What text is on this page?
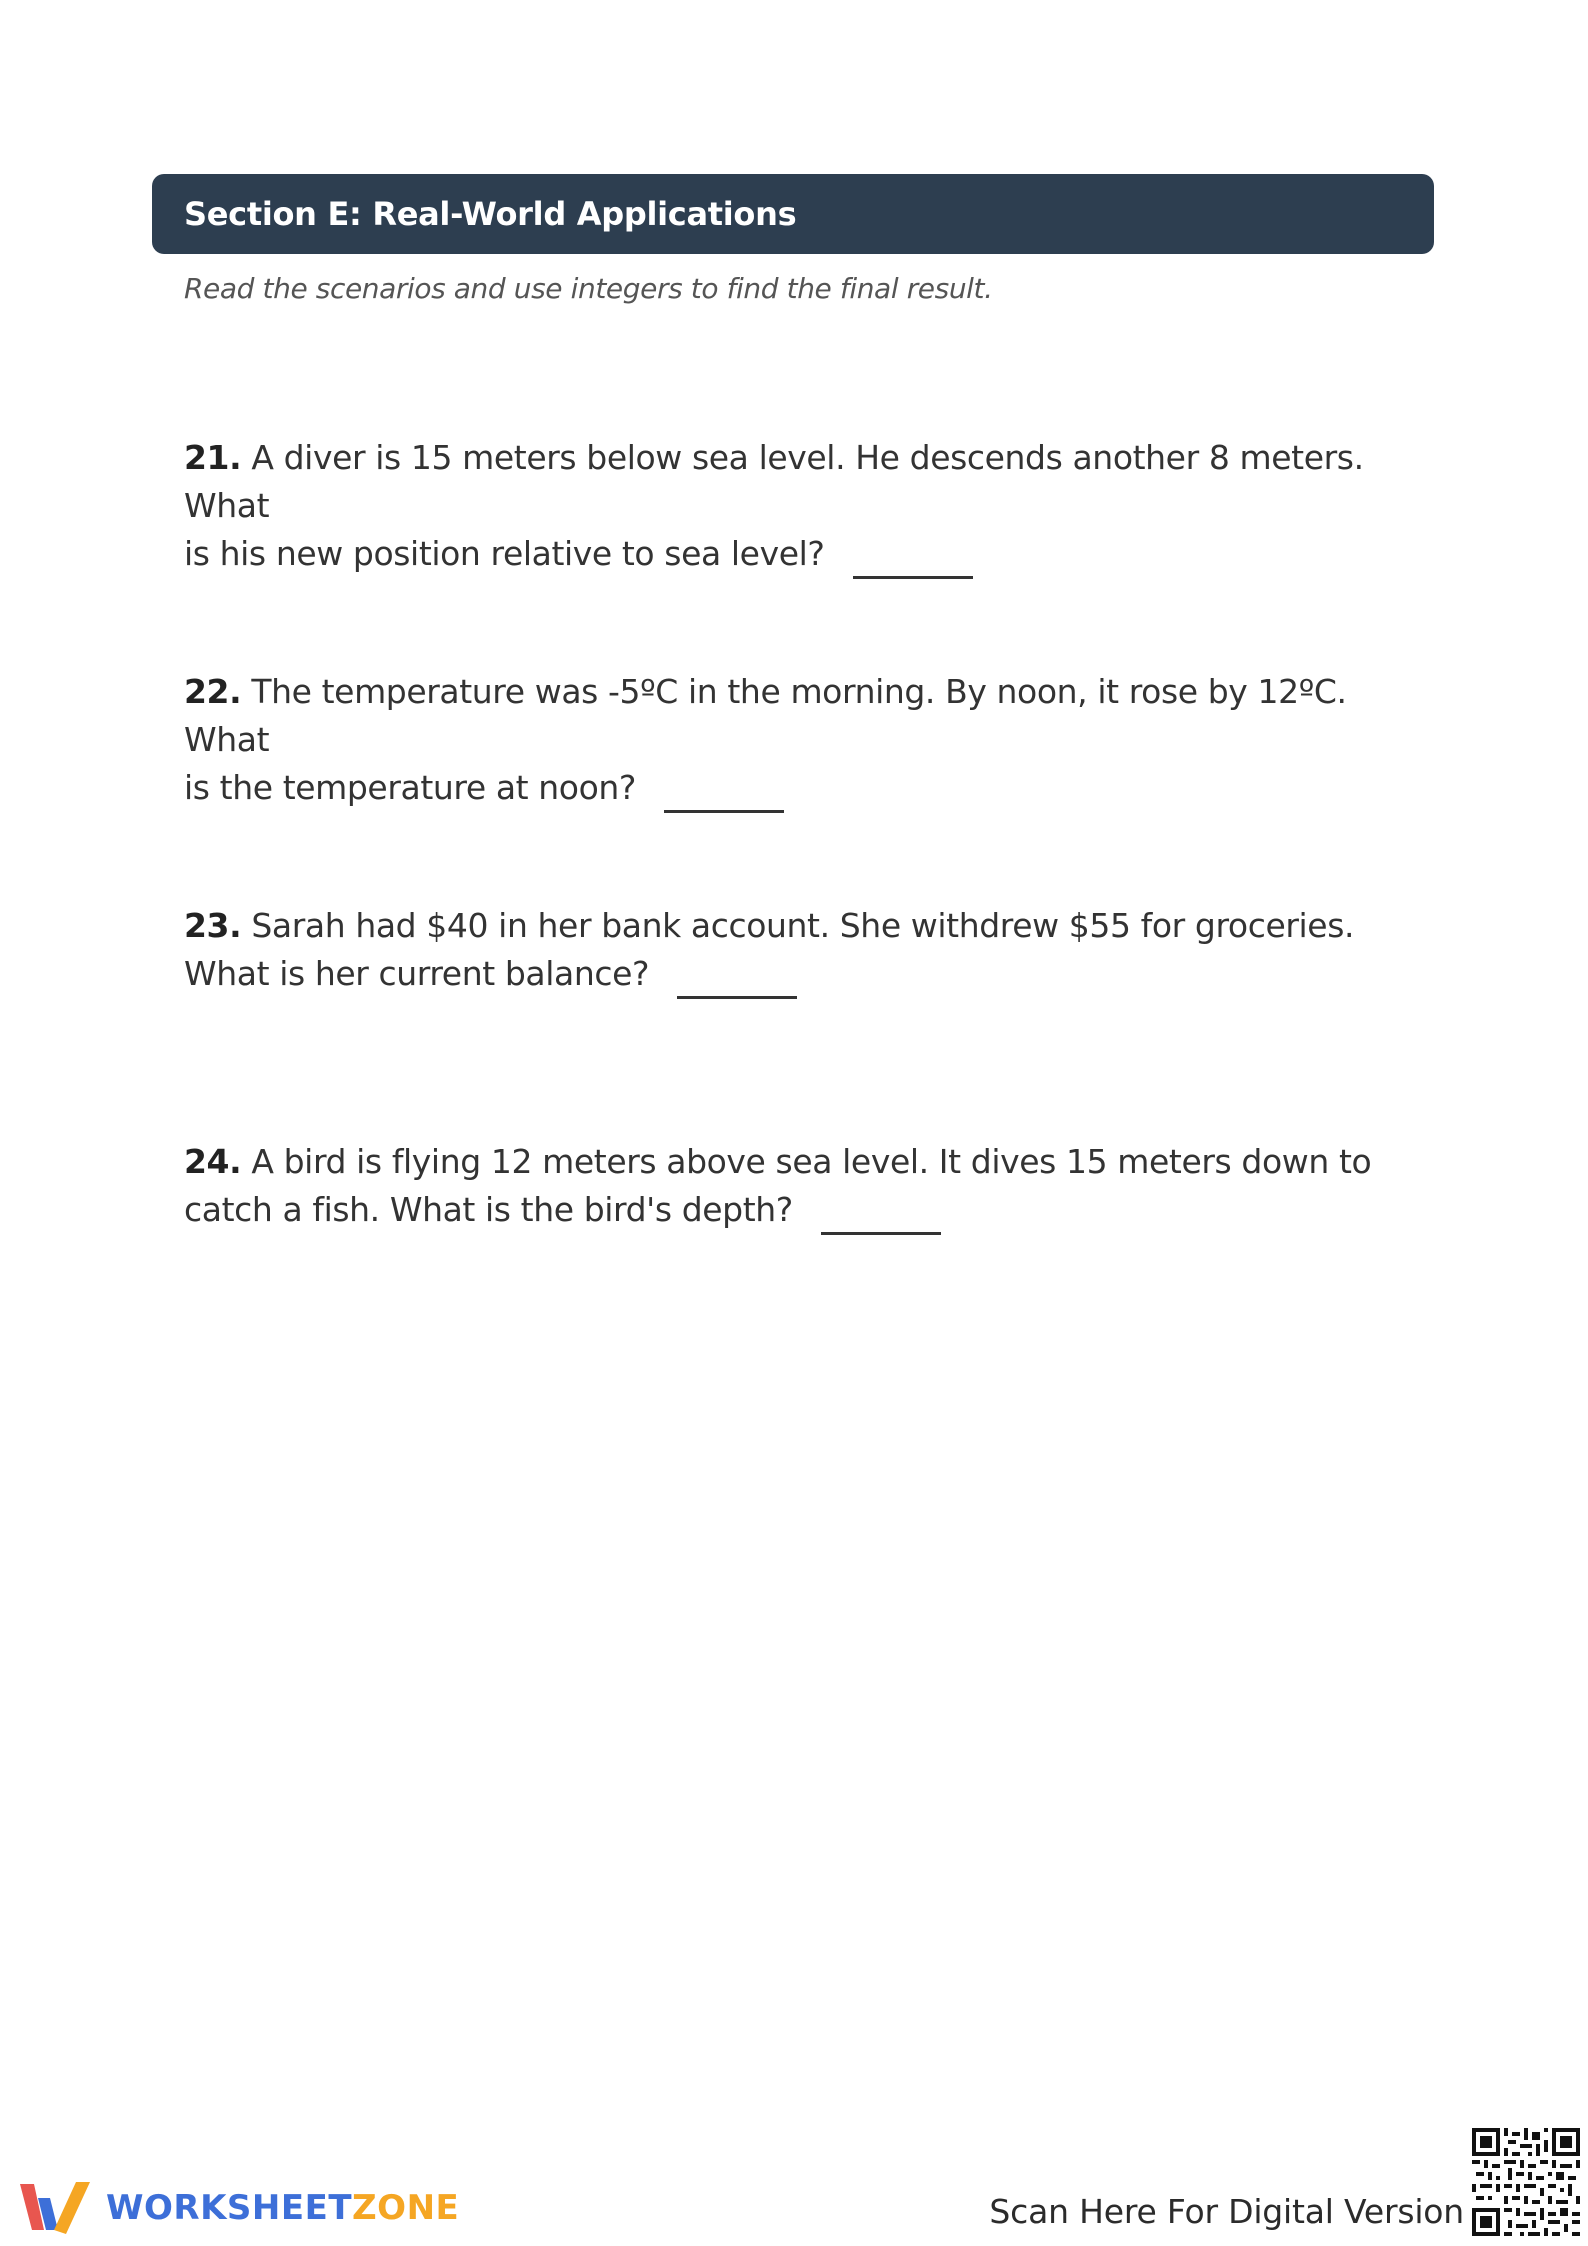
Section E: Real-World Applications
Read the scenarios and use integers to find the final result.
21. A diver is 15 meters below sea level. He descends another 8 meters. What
is his new position relative to sea level?
22. The temperature was -5ºC in the morning. By noon, it rose by 12ºC. What
is the temperature at noon?
23. Sarah had $40 in her bank account. She withdrew $55 for groceries.
What is her current balance?
24. A bird is flying 12 meters above sea level. It dives 15 meters down to
catch a fish. What is the bird's depth?
WORKSHEETZONE	Scan Here For Digital Version
